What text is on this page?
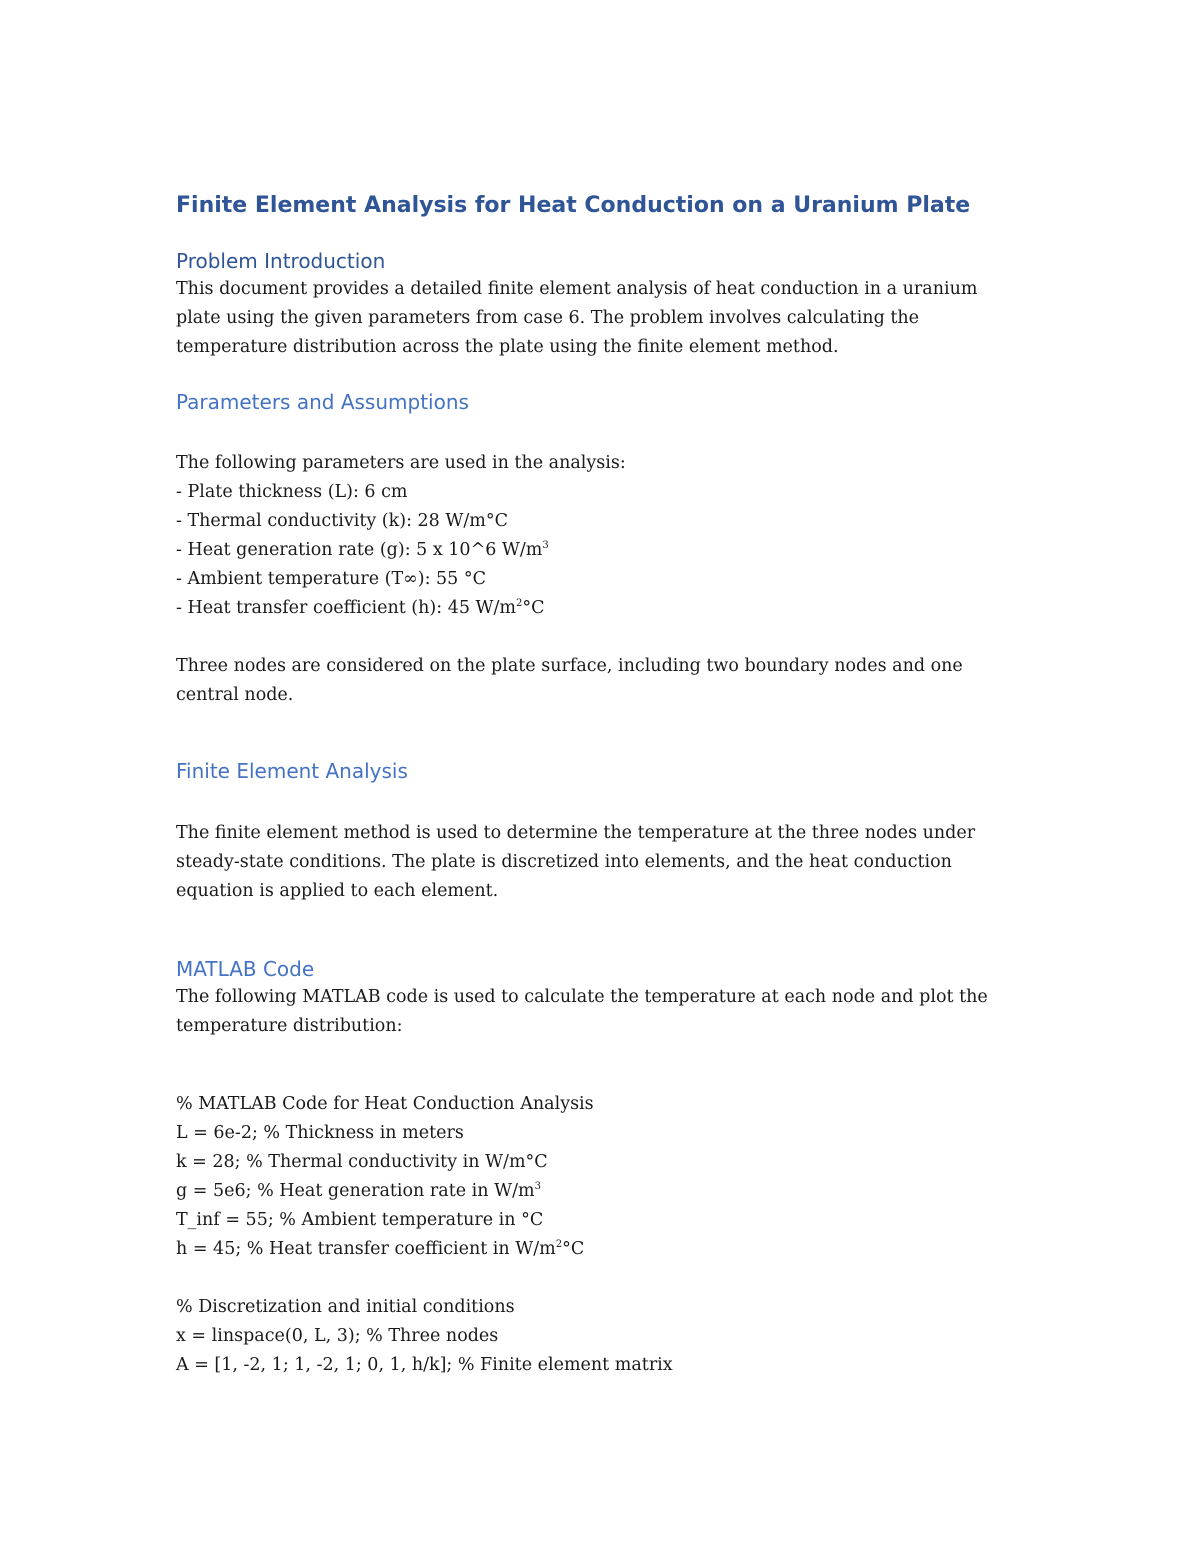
Finite Element Analysis for Heat Conduction on a Uranium Plate
Problem Introduction

This document provides a detailed finite element analysis of heat conduction in a uranium
plate using the given parameters from case 6. The problem involves calculating the
temperature distribution across the plate using the finite element method.

Parameters and Assumptions

The following parameters are used in the analysis:
- Plate thickness (L): 6 cm
- Thermal conductivity (k): 28 W/m°C
- Heat generation rate (g): 5 x 10^6 $W/m^3$
- Ambient temperature (T∞): 55 °C
- Heat transfer coefficient (h): 45 $W/m^2^\circ C$

Three nodes are considered on the plate surface, including two boundary nodes and one
central node.

Finite Element Analysis

The finite element method is used to determine the temperature at the three nodes under
steady-state conditions. The plate is discretized into elements, and the heat conduction
equation is applied to each element.

MATLAB Code

The following MATLAB code is used to calculate the temperature at each node and plot the
temperature distribution:

% MATLAB Code for Heat Conduction Analysis
L = 6e-2; % Thickness in meters
k = 28; % Thermal conductivity in W/m°C
g = 5e6; % Heat generation rate in $W/m^3$
T_inf = 55; % Ambient temperature in °C
h = 45; % Heat transfer coefficient in $W/m^2^\circ C$

% Discretization and initial conditions
x = linspace(0, L, 3); % Three nodes
A = [1, -2, 1; 1, -2, 1; 0, 1, h/k]; % Finite element matrix
